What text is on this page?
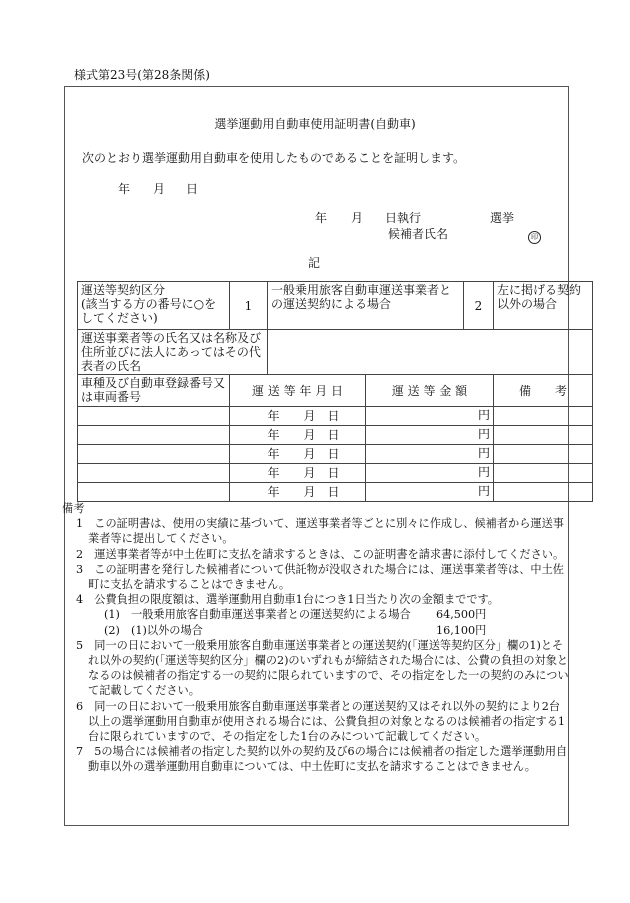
様式第23号(第28条関係)
選挙運動用自動車使用証明書(自動車)
次のとおり選挙運動用自動車を使用したものであることを証明します。
年 月 日
年 月 日執行	選挙
候補者氏名	印
記
運送等契約区分
(該当する方の番号に○をしてください)	1	一般乗用旅客自動車運送事業者との運送契約による場合		2	左に掲げる契約以外の場合
運送事業者等の氏名又は名称及び住所並びに法人にあってはその代表者の氏名					
車種及び自動車登録番号又は車両番号	運 送 等 年 月 日		運 送 等 金 額		備　　考
	年 月 日		円		
	年 月 日		円		
	年 月 日		円		
	年 月 日		円		
	年 月 日		円		
備考
1　この証明書は、使用の実績に基づいて、運送事業者等ごとに別々に作成し、候補者から運送事業者等に提出してください。
2　運送事業者等が中土佐町に支払を請求するときは、この証明書を請求書に添付してください。
3　この証明書を発行した候補者について供託物が没収された場合には、運送事業者等は、中土佐町に支払を請求することはできません。
4　公費負担の限度額は、選挙運動用自動車1台につき1日当たり次の金額までです。
(1)　一般乗用旅客自動車運送事業者との運送契約による場合 64,500円
(2)　(1)以外の場合	16,100円
5　同一の日において一般乗用旅客自動車運送事業者との運送契約(「運送等契約区分」欄の1)とそれ以外の契約(「運送等契約区分」欄の2)のいずれもが締結された場合には、公費の負担の対象となるのは候補者の指定する一の契約に限られていますので、その指定をした一の契約のみについて記載してください。
6　同一の日において一般乗用旅客自動車運送事業者との運送契約又はそれ以外の契約により2台以上の選挙運動用自動車が使用される場合には、公費負担の対象となるのは候補者の指定する1台に限られていますので、その指定をした1台のみについて記載してください。
7　5の場合には候補者の指定した契約以外の契約及び6の場合には候補者の指定した選挙運動用自動車以外の選挙運動用自動車については、中土佐町に支払を請求することはできません。
